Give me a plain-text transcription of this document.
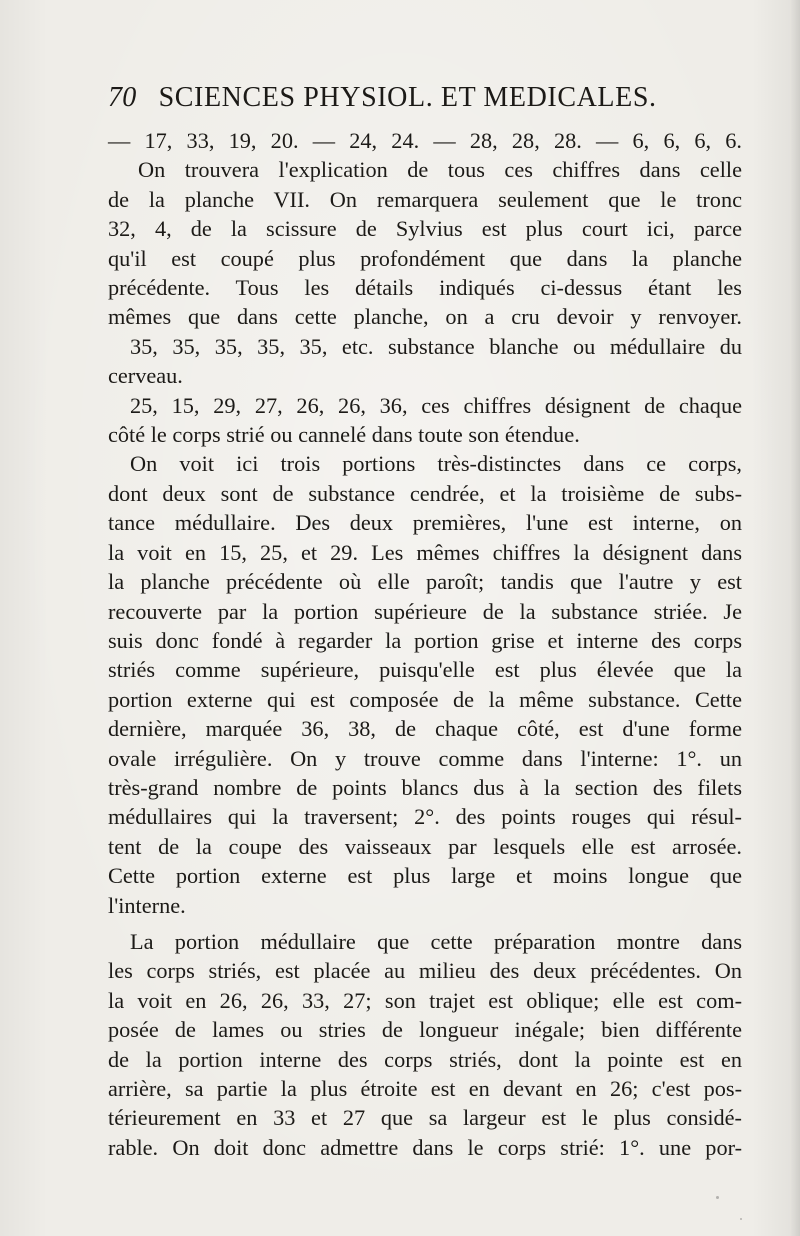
70 SCIENCES PHYSIOL. ET MEDICALES.
— 17, 33, 19, 20. — 24, 24. — 28, 28, 28. — 6, 6, 6, 6.
On trouvera l'explication de tous ces chiffres dans celle
de la planche VII. On remarquera seulement que le tronc
32, 4, de la scissure de Sylvius est plus court ici, parce
qu'il est coupé plus profondément que dans la planche
précédente. Tous les détails indiqués ci-dessus étant les
mêmes que dans cette planche, on a cru devoir y renvoyer.
35, 35, 35, 35, 35, etc. substance blanche ou médullaire du
cerveau.
25, 15, 29, 27, 26, 26, 36, ces chiffres désignent de chaque
côté le corps strié ou cannelé dans toute son étendue.
On voit ici trois portions très-distinctes dans ce corps,
dont deux sont de substance cendrée, et la troisième de subs-
tance médullaire. Des deux premières, l'une est interne, on
la voit en 15, 25, et 29. Les mêmes chiffres la désignent dans
la planche précédente où elle paroît; tandis que l'autre y est
recouverte par la portion supérieure de la substance striée. Je
suis donc fondé à regarder la portion grise et interne des corps
striés comme supérieure, puisqu'elle est plus élevée que la
portion externe qui est composée de la même substance. Cette
dernière, marquée 36, 38, de chaque côté, est d'une forme
ovale irrégulière. On y trouve comme dans l'interne: 1°. un
très-grand nombre de points blancs dus à la section des filets
médullaires qui la traversent; 2°. des points rouges qui résul-
tent de la coupe des vaisseaux par lesquels elle est arrosée.
Cette portion externe est plus large et moins longue que
l'interne.
La portion médullaire que cette préparation montre dans
les corps striés, est placée au milieu des deux précédentes. On
la voit en 26, 26, 33, 27; son trajet est oblique; elle est com-
posée de lames ou stries de longueur inégale; bien différente
de la portion interne des corps striés, dont la pointe est en
arrière, sa partie la plus étroite est en devant en 26; c'est pos-
térieurement en 33 et 27 que sa largeur est le plus considé-
rable. On doit donc admettre dans le corps strié: 1°. une por-
